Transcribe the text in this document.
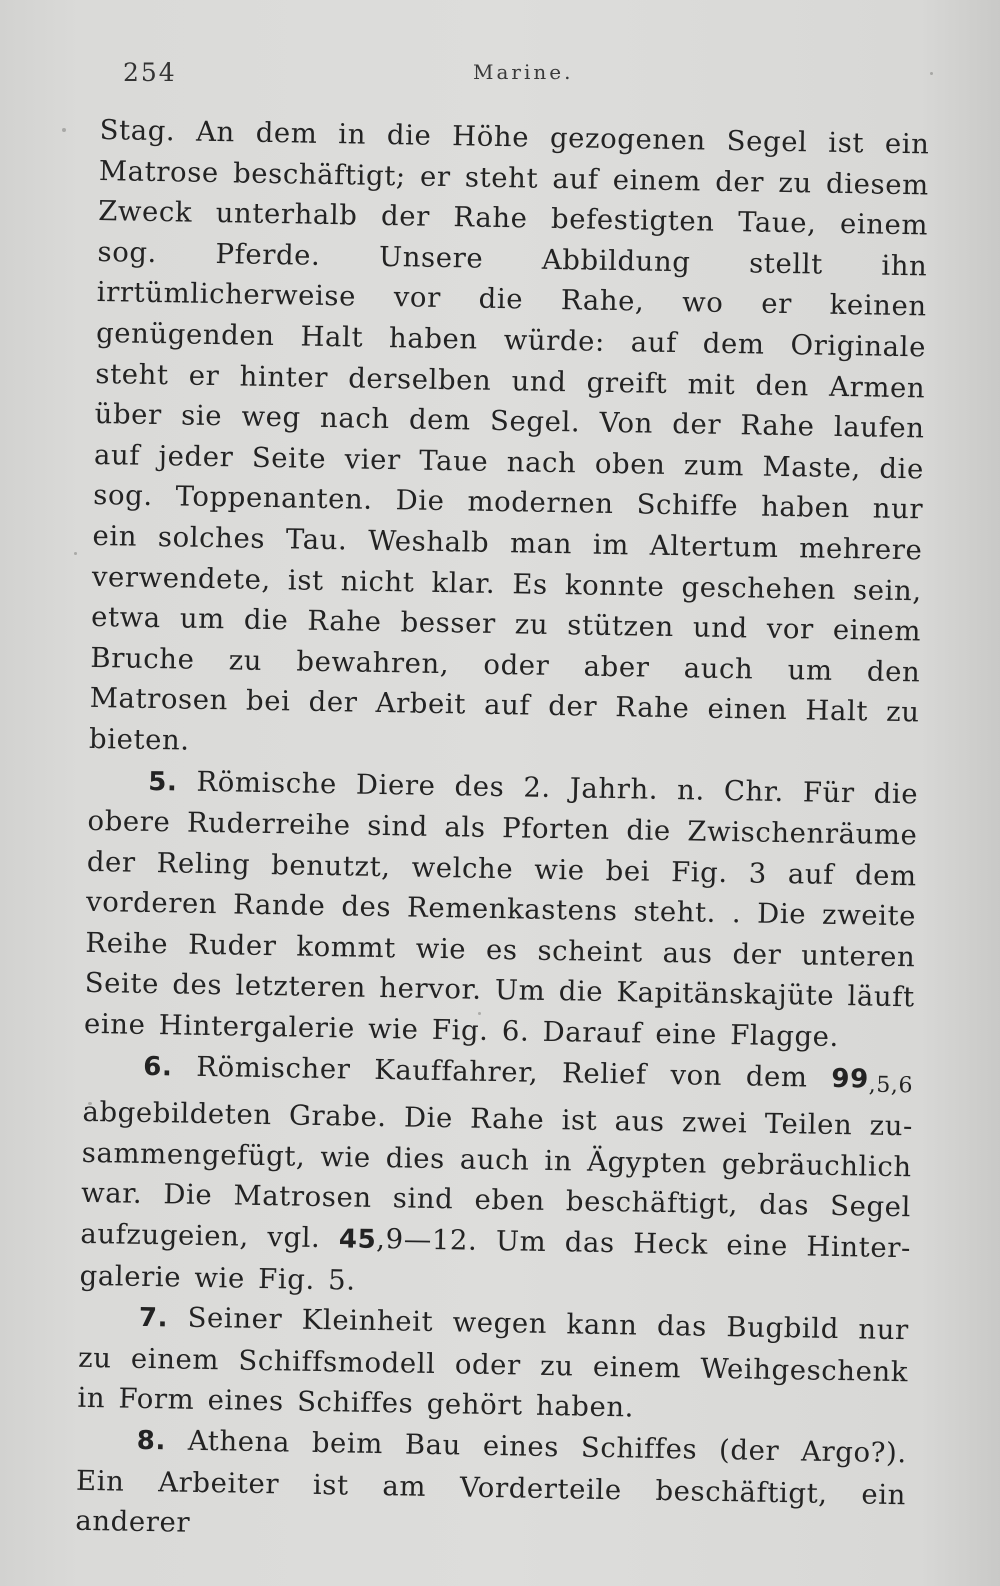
254	Marine.

Stag. An dem in die Höhe gezogenen Segel ist ein Matrose beschäftigt; er steht auf einem der zu diesem Zweck unterhalb der Rahe befestigten Taue, einem sog. Pferde. Unsere Abbildung stellt ihn irrtümlicherweise vor die Rahe, wo er keinen genügenden Halt haben würde: auf dem Originale steht er hinter derselben und greift mit den Armen über sie weg nach dem Segel. Von der Rahe laufen auf jeder Seite vier Taue nach oben zum Maste, die sog. Toppenanten. Die modernen Schiffe haben nur ein solches Tau. Weshalb man im Altertum mehrere verwendete, ist nicht klar. Es konnte geschehen sein, etwa um die Rahe besser zu stützen und vor einem Bruche zu bewahren, oder aber auch um den Matrosen bei der Arbeit auf der Rahe einen Halt zu bieten.

5. Römische Diere des 2. Jahrh. n. Chr. Für die obere Ruderreihe sind als Pforten die Zwischenräume der Reling benutzt, welche wie bei Fig. 3 auf dem vorderen Rande des Remenkastens steht. . Die zweite Reihe Ruder kommt wie es scheint aus der unteren Seite des letzteren hervor. Um die Kapitänskajüte läuft eine Hintergalerie wie Fig. 6. Darauf eine Flagge.

6. Römischer Kauffahrer, Relief von dem 99,5,6 abgebildeten Grabe. Die Rahe ist aus zwei Teilen zusammengefügt, wie dies auch in Ägypten gebräuchlich war. Die Matrosen sind eben beschäftigt, das Segel aufzugeien, vgl. 45,9—12. Um das Heck eine Hintergalerie wie Fig. 5.

7. Seiner Kleinheit wegen kann das Bugbild nur zu einem Schiffsmodell oder zu einem Weihgeschenk in Form eines Schiffes gehört haben.

8. Athena beim Bau eines Schiffes (der Argo?). Ein Arbeiter ist am Vorderteile beschäftigt, ein anderer
